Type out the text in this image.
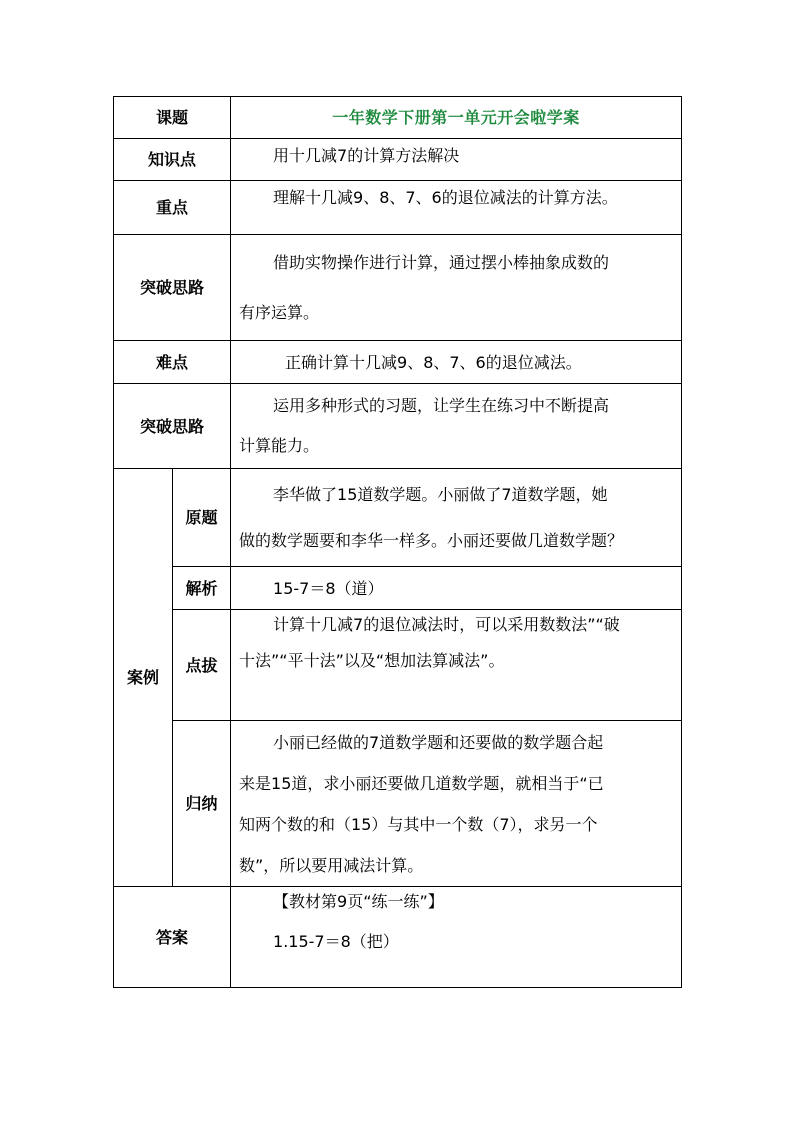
课题		一年数学下册第一单元开会啦学案
知识点		用十几减7的计算方法解决
重点		理解十几减9、8、7、6的退位减法的计算方法。
突破思路		借助实物操作进行计算，通过摆小棒抽象成数的
有序运算。

难点		正确计算十几减9、8、7、6的退位减法。
突破思路		运用多种形式的习题，让学生在练习中不断提高
计算能力。

案例	原题	李华做了15道数学题。小丽做了7道数学题，她
做的数学题要和李华一样多。小丽还要做几道数学题？

	解析	15-7＝8（道）
	点拔	计算十几减7的退位减法时，可以采用数数法”“破
十法”“平十法”以及“想加法算减法”。

	归纳	小丽已经做的7道数学题和还要做的数学题合起
来是15道，求小丽还要做几道数学题，就相当于“已
知两个数的和（15）与其中一个数（7），求另一个
数”，所以要用减法计算。

答案		【教材第9页“练一练”】
1.15-7＝8（把）
